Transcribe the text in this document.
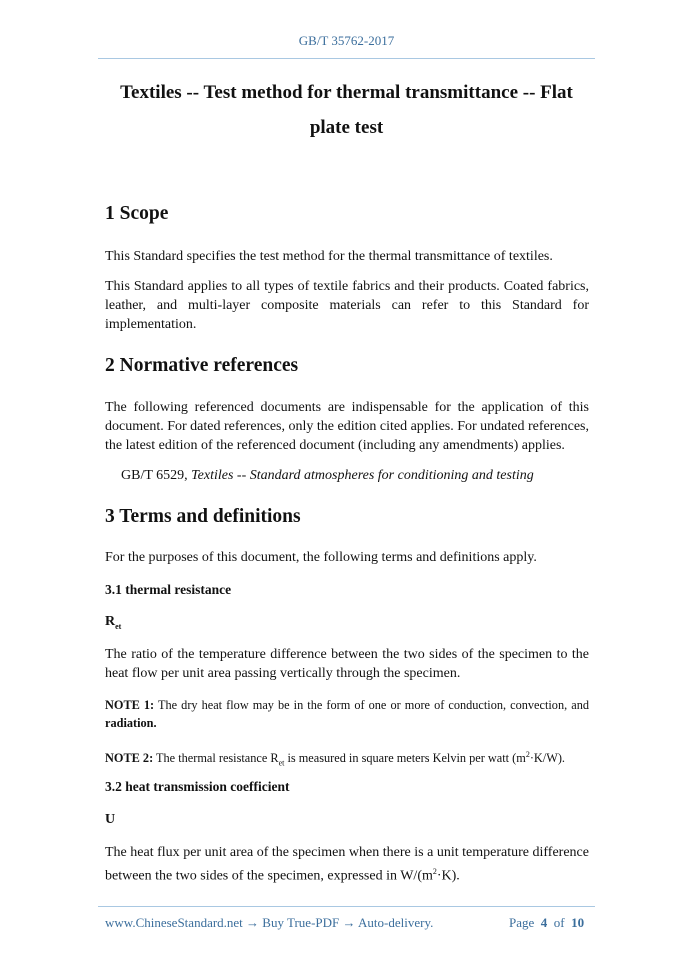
GB/T 35762-2017
Textiles -- Test method for thermal transmittance -- Flat
plate test
1 Scope
This Standard specifies the test method for the thermal transmittance of textiles.
This Standard applies to all types of textile fabrics and their products. Coated fabrics, leather, and multi-layer composite materials can refer to this Standard for implementation.
2 Normative references
The following referenced documents are indispensable for the application of this document. For dated references, only the edition cited applies. For undated references, the latest edition of the referenced document (including any amendments) applies.
GB/T 6529, Textiles -- Standard atmospheres for conditioning and testing
3 Terms and definitions
For the purposes of this document, the following terms and definitions apply.
3.1 thermal resistance
$R_{et}$
The ratio of the temperature difference between the two sides of the specimen to the heat flow per unit area passing vertically through the specimen.
NOTE 1: The dry heat flow may be in the form of one or more of conduction, convection, and radiation.
NOTE 2: The thermal resistance $R_{et}$ is measured in square meters Kelvin per watt $(m^2\cdot K/W)$.
3.2 heat transmission coefficient
U
The heat flux per unit area of the specimen when there is a unit temperature difference between the two sides of the specimen, expressed in $W/(m^2\cdot K)$.
www.ChineseStandard.net → Buy True-PDF → Auto-delivery.	Page 4 of 10
